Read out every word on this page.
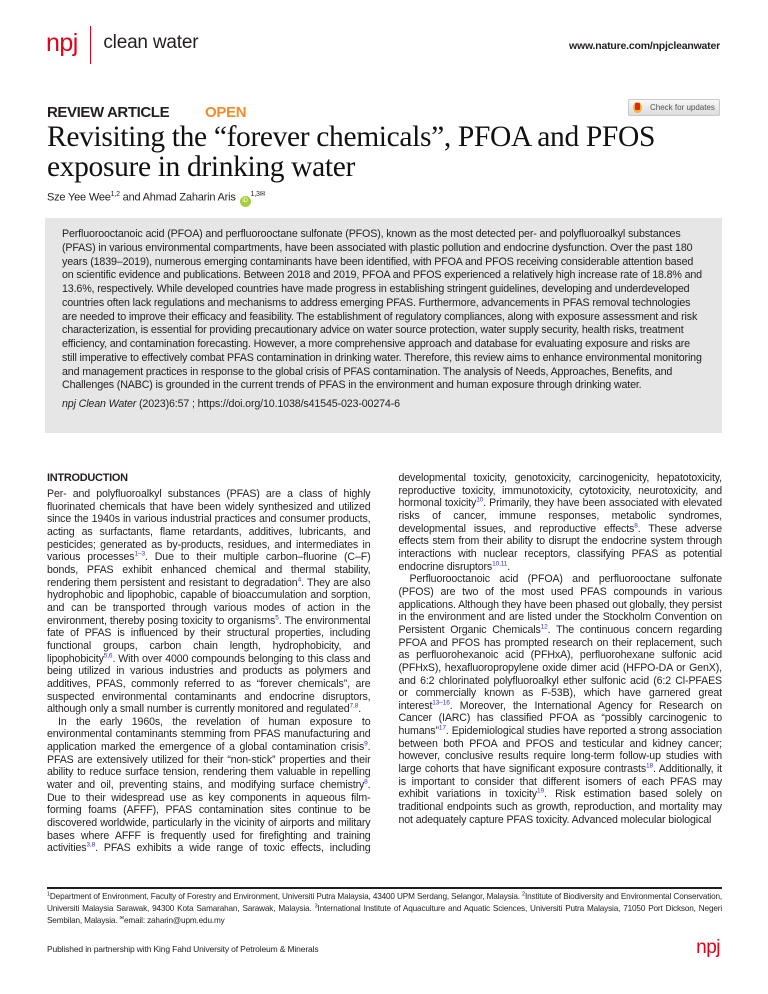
npj clean water	www.nature.com/npjcleanwater
REVIEW ARTICLE OPEN	Check for updates
Revisiting the “forever chemicals”, PFOA and PFOS exposure in drinking water
Sze Yee Wee$^{1,2}$ and Ahmad Zaharin Aris $iD^{1,3✉}$

Perfluorooctanoic acid (PFOA) and perfluorooctane sulfonate (PFOS), known as the most detected per- and polyfluoroalkyl substances (PFAS) in various environmental compartments, have been associated with plastic pollution and endocrine dysfunction. Over the past 180 years (1839–2019), numerous emerging contaminants have been identified, with PFOA and PFOS receiving considerable attention based on scientific evidence and publications. Between 2018 and 2019, PFOA and PFOS experienced a relatively high increase rate of 18.8% and 13.6%, respectively. While developed countries have made progress in establishing stringent guidelines, developing and underdeveloped countries often lack regulations and mechanisms to address emerging PFAS. Furthermore, advancements in PFAS removal technologies are needed to improve their efficacy and feasibility. The establishment of regulatory compliances, along with exposure assessment and risk characterization, is essential for providing precautionary advice on water source protection, water supply security, health risks, treatment efficiency, and contamination forecasting. However, a more comprehensive approach and database for evaluating exposure and risks are still imperative to effectively combat PFAS contamination in drinking water. Therefore, this review aims to enhance environmental monitoring and management practices in response to the global crisis of PFAS contamination. The analysis of Needs, Approaches, Benefits, and Challenges (NABC) is grounded in the current trends of PFAS in the environment and human exposure through drinking water.

npj Clean Water (2023)6:57 ; https://doi.org/10.1038/s41545-023-00274-6

INTRODUCTION

Per- and polyfluoroalkyl substances (PFAS) are a class of highly fluorinated chemicals that have been widely synthesized and utilized since the 1940s in various industrial practices and consumer products, acting as surfactants, flame retardants, additives, lubricants, and pesticides; generated as by-products, residues, and intermediates in various processes$^{1-3}$. Due to their multiple carbon–fluorine (C–F) bonds, PFAS exhibit enhanced chemical and thermal stability, rendering them persistent and resistant to degradation$^4$. They are also hydrophobic and lipophobic, capable of bioaccumulation and sorption, and can be transported through various modes of action in the environment, thereby posing toxicity to organisms$^5$. The environmental fate of PFAS is influenced by their structural properties, including functional groups, carbon chain length, hydrophobicity, and lipophobicity$^{5,6}$. With over 4000 compounds belonging to this class and being utilized in various industries and products as polymers and additives, PFAS, commonly referred to as “forever chemicals”, are suspected environmental contaminants and endocrine disruptors, although only a small number is currently monitored and regulated$^{7,8}$.

In the early 1960s, the revelation of human exposure to environmental contaminants stemming from PFAS manufacturing and application marked the emergence of a global contamination crisis$^9$. PFAS are extensively utilized for their “non-stick” properties and their ability to reduce surface tension, rendering them valuable in repelling water and oil, preventing stains, and modifying surface chemistry$^8$. Due to their widespread use as key components in aqueous film-forming foams (AFFF), PFAS contamination sites continue to be discovered worldwide, particularly in the vicinity of airports and military bases where AFFF is frequently used for firefighting and training activities$^{3,8}$. PFAS exhibits a wide range of toxic effects, including developmental toxicity, genotoxicity, carcinogenicity, hepatotoxicity, reproductive toxicity, immunotoxicity, cytotoxicity, neurotoxicity, and hormonal toxicity$^{10}$. Primarily, they have been associated with elevated risks of cancer, immune responses, metabolic syndromes, developmental issues, and reproductive effects$^8$. These adverse effects stem from their ability to disrupt the endocrine system through interactions with nuclear receptors, classifying PFAS as potential endocrine disruptors$^{10,11}$.

Perfluorooctanoic acid (PFOA) and perfluorooctane sulfonate (PFOS) are two of the most used PFAS compounds in various applications. Although they have been phased out globally, they persist in the environment and are listed under the Stockholm Convention on Persistent Organic Chemicals$^{12}$. The continuous concern regarding PFOA and PFOS has prompted research on their replacement, such as perfluorohexanoic acid (PFHxA), perfluorohexane sulfonic acid (PFHxS), hexafluoropropylene oxide dimer acid (HFPO-DA or GenX), and 6:2 chlorinated polyfluoroalkyl ether sulfonic acid (6:2 Cl-PFAES or commercially known as F-53B), which have garnered great interest$^{13-16}$. Moreover, the International Agency for Research on Cancer (IARC) has classified PFOA as “possibly carcinogenic to humans”$^{17}$. Epidemiological studies have reported a strong association between both PFOA and PFOS and testicular and kidney cancer; however, conclusive results require long-term follow-up studies with large cohorts that have significant exposure contrasts$^{18}$. Additionally, it is important to consider that different isomers of each PFAS may exhibit variations in toxicity$^{19}$. Risk estimation based solely on traditional endpoints such as growth, reproduction, and mortality may not adequately capture PFAS toxicity. Advanced molecular biological

$^1$Department of Environment, Faculty of Forestry and Environment, Universiti Putra Malaysia, 43400 UPM Serdang, Selangor, Malaysia. $^2$Institute of Biodiversity and Environmental Conservation, Universiti Malaysia Sarawak, 94300 Kota Samarahan, Sarawak, Malaysia. $^3$International Institute of Aquaculture and Aquatic Sciences, Universiti Putra Malaysia, 71050 Port Dickson, Negeri Sembilan, Malaysia. ✉email: zaharin@upm.edu.my
Published in partnership with King Fahd University of Petroleum & Minerals	npj
